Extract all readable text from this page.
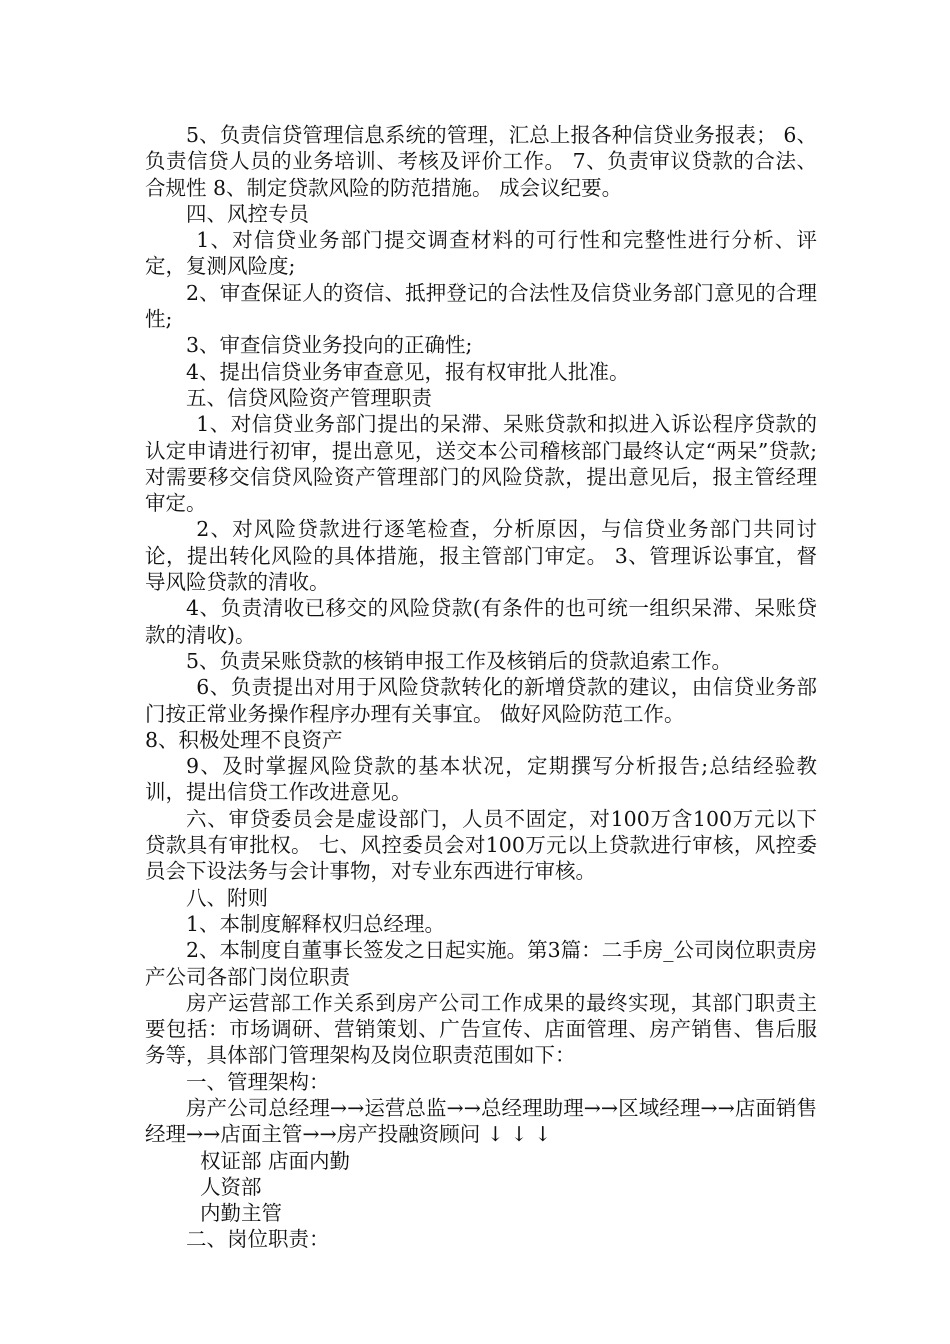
5、负责信贷管理信息系统的管理，汇总上报各种信贷业务报表； 6、负责信贷人员的业务培训、考核及评价工作。 7、负责审议贷款的合法、合规性 8、制定贷款风险的防范措施。 成会议纪要。

四、风控专员

1、对信贷业务部门提交调查材料的可行性和完整性进行分析、评定，复测风险度;

2、审查保证人的资信、抵押登记的合法性及信贷业务部门意见的合理性;

3、审查信贷业务投向的正确性;

4、提出信贷业务审查意见，报有权审批人批准。

五、信贷风险资产管理职责

1、对信贷业务部门提出的呆滞、呆账贷款和拟进入诉讼程序贷款的认定申请进行初审，提出意见，送交本公司稽核部门最终认定“两呆”贷款;对需要移交信贷风险资产管理部门的风险贷款，提出意见后，报主管经理审定。

2、对风险贷款进行逐笔检查，分析原因，与信贷业务部门共同讨论，提出转化风险的具体措施，报主管部门审定。 3、管理诉讼事宜，督导风险贷款的清收。

4、负责清收已移交的风险贷款(有条件的也可统一组织呆滞、呆账贷款的清收)。

5、负责呆账贷款的核销申报工作及核销后的贷款追索工作。

6、负责提出对用于风险贷款转化的新增贷款的建议，由信贷业务部门按正常业务操作程序办理有关事宜。 做好风险防范工作。

8、积极处理不良资产

9、及时掌握风险贷款的基本状况，定期撰写分析报告;总结经验教训，提出信贷工作改进意见。

六、审贷委员会是虚设部门，人员不固定，对100万含100万元以下贷款具有审批权。 七、风控委员会对100万元以上贷款进行审核，风控委员会下设法务与会计事物，对专业东西进行审核。

八、附则

1、本制度解释权归总经理。

2、本制度自董事长签发之日起实施。第3篇：二手房_公司岗位职责房产公司各部门岗位职责

房产运营部工作关系到房产公司工作成果的最终实现，其部门职责主要包括：市场调研、营销策划、广告宣传、店面管理、房产销售、售后服务等，具体部门管理架构及岗位职责范围如下：

一、管理架构：

房产公司总经理→→运营总监→→总经理助理→→区域经理→→店面销售 经理→→店面主管→→房产投融资顾问 ↓ ↓ ↓

权证部 店面内勤

人资部

内勤主管

二、岗位职责：
